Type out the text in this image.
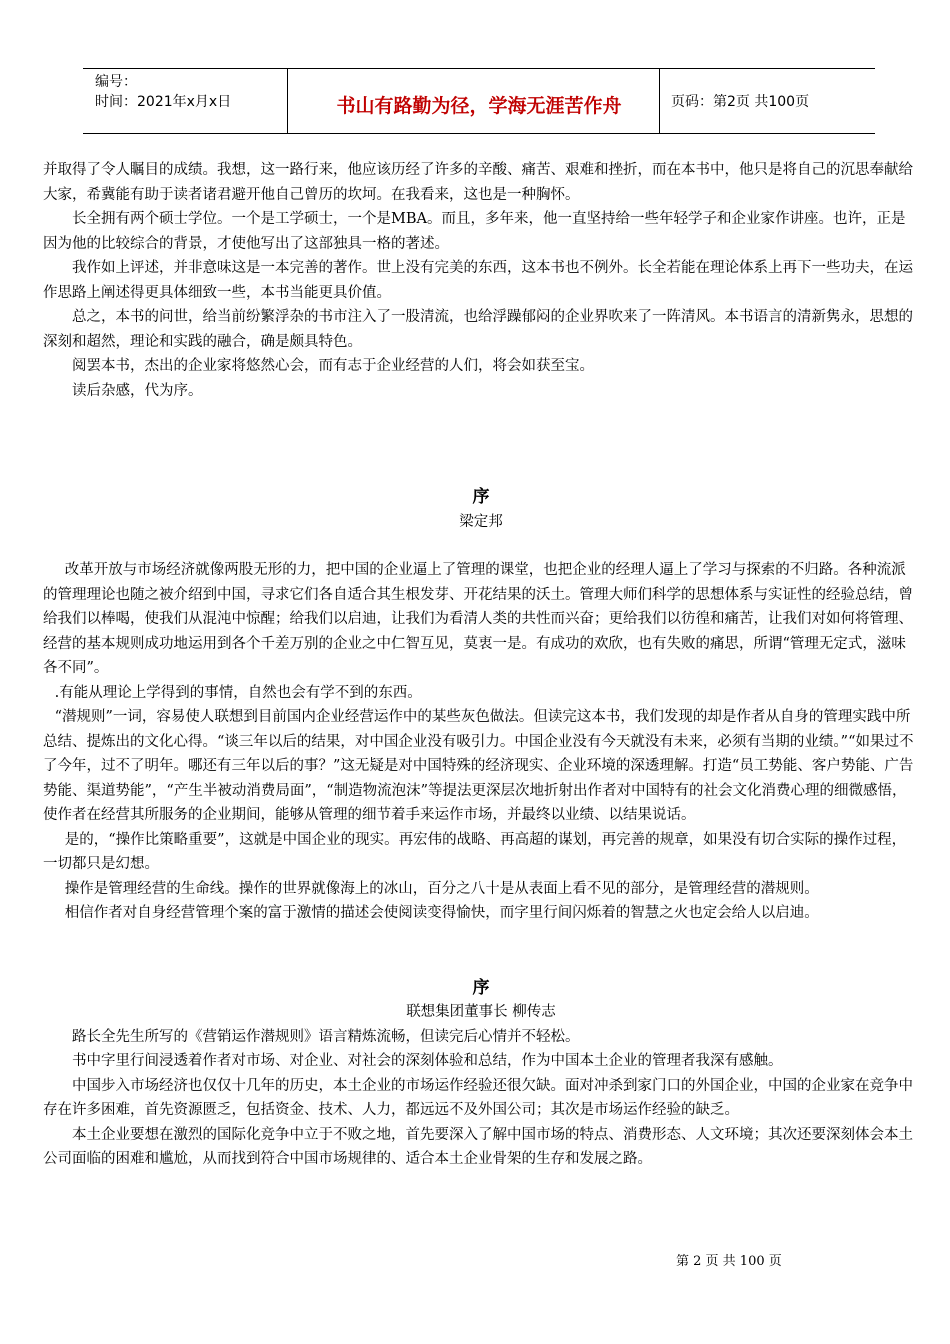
编号：
时间：2021年x月x日	书山有路勤为径，学海无涯苦作舟	页码：第2页 共100页

并取得了令人瞩目的成绩。我想，这一路行来，他应该历经了许多的辛酸、痛苦、艰难和挫折，而在本书中，他只是将自己的沉思奉献给大家，希冀能有助于读者诸君避开他自己曾历的坎坷。在我看来，这也是一种胸怀。

长全拥有两个硕士学位。一个是工学硕士，一个是MBA。而且，多年来，他一直坚持给一些年轻学子和企业家作讲座。也许，正是因为他的比较综合的背景，才使他写出了这部独具一格的著述。

我作如上评述，并非意味这是一本完善的著作。世上没有完美的东西，这本书也不例外。长全若能在理论体系上再下一些功夫，在运作思路上阐述得更具体细致一些，本书当能更具价值。

总之，本书的问世，给当前纷繁浮杂的书市注入了一股清流，也给浮躁郁闷的企业界吹来了一阵清风。本书语言的清新隽永，思想的深刻和超然，理论和实践的融合，确是颇具特色。

阅罢本书，杰出的企业家将悠然心会，而有志于企业经营的人们，将会如获至宝。

读后杂感，代为序。

序

梁定邦

改革开放与市场经济就像两股无形的力，把中国的企业逼上了管理的课堂，也把企业的经理人逼上了学习与探索的不归路。各种流派的管理理论也随之被介绍到中国，寻求它们各自适合其生根发芽、开花结果的沃土。管理大师们科学的思想体系与实证性的经验总结，曾给我们以棒喝，使我们从混沌中惊醒；给我们以启迪，让我们为看清人类的共性而兴奋；更给我们以彷徨和痛苦，让我们对如何将管理、经营的基本规则成功地运用到各个千差万别的企业之中仁智互见，莫衷一是。有成功的欢欣，也有失败的痛思，所谓“管理无定式，滋味各不同”。

.有能从理论上学得到的事情，自然也会有学不到的东西。

“潜规则”一词，容易使人联想到目前国内企业经营运作中的某些灰色做法。但读完这本书，我们发现的却是作者从自身的管理实践中所总结、提炼出的文化心得。“谈三年以后的结果，对中国企业没有吸引力。中国企业没有今天就没有未来，必须有当期的业绩。”“如果过不了今年，过不了明年。哪还有三年以后的事？”这无疑是对中国特殊的经济现实、企业环境的深透理解。打造“员工势能、客户势能、广告势能、渠道势能”，“产生半被动消费局面”，“制造物流泡沫”等提法更深层次地折射出作者对中国特有的社会文化消费心理的细微感悟，使作者在经营其所服务的企业期间，能够从管理的细节着手来运作市场，并最终以业绩、以结果说话。

是的，“操作比策略重要”，这就是中国企业的现实。再宏伟的战略、再高超的谋划，再完善的规章，如果没有切合实际的操作过程，一切都只是幻想。

操作是管理经营的生命线。操作的世界就像海上的冰山，百分之八十是从表面上看不见的部分，是管理经营的潜规则。

相信作者对自身经营管理个案的富于激情的描述会使阅读变得愉快，而字里行间闪烁着的智慧之火也定会给人以启迪。

序

联想集团董事长 柳传志

路长全先生所写的《营销运作潜规则》语言精炼流畅，但读完后心情并不轻松。

书中字里行间浸透着作者对市场、对企业、对社会的深刻体验和总结，作为中国本土企业的管理者我深有感触。

中国步入市场经济也仅仅十几年的历史，本土企业的市场运作经验还很欠缺。面对冲杀到家门口的外国企业，中国的企业家在竞争中存在许多困难，首先资源匮乏，包括资金、技术、人力，都远远不及外国公司；其次是市场运作经验的缺乏。

本土企业要想在激烈的国际化竞争中立于不败之地，首先要深入了解中国市场的特点、消费形态、人文环境；其次还要深刻体会本土公司面临的困难和尴尬，从而找到符合中国市场规律的、适合本土企业骨架的生存和发展之路。

第 2 页 共 100 页
